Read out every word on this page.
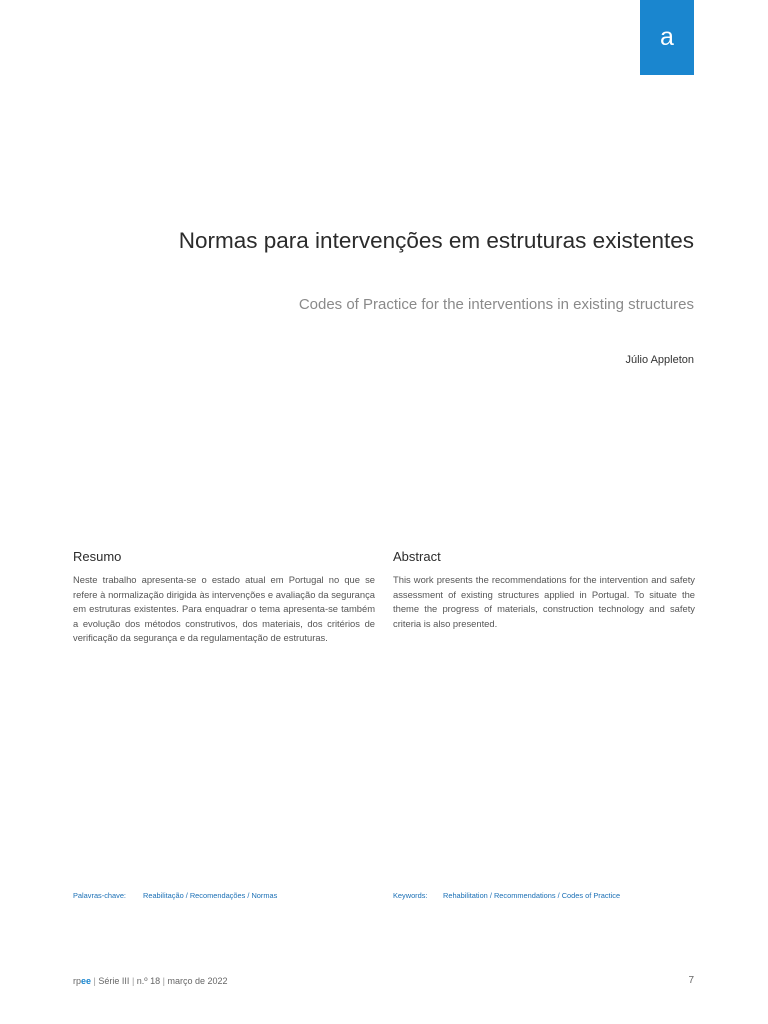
a
Normas para intervenções em estruturas existentes
Codes of Practice for the interventions in existing structures
Júlio Appleton
Resumo

Neste trabalho apresenta-se o estado atual em Portugal no que se refere à normalização dirigida às intervenções e avaliação da segurança em estruturas existentes. Para enquadrar o tema apresenta-se também a evolução dos métodos construtivos, dos materiais, dos critérios de verificação da segurança e da regulamentação de estruturas.

Abstract

This work presents the recommendations for the intervention and safety assessment of existing structures applied in Portugal. To situate the theme the progress of materials, construction technology and safety criteria is also presented.

Palavras-chave: Reabilitação / Recomendações / Normas	Keywords: Rehabilitation / Recommendations / Codes of Practice
rpee | Série III | n.º 18 | março de 2022	7
